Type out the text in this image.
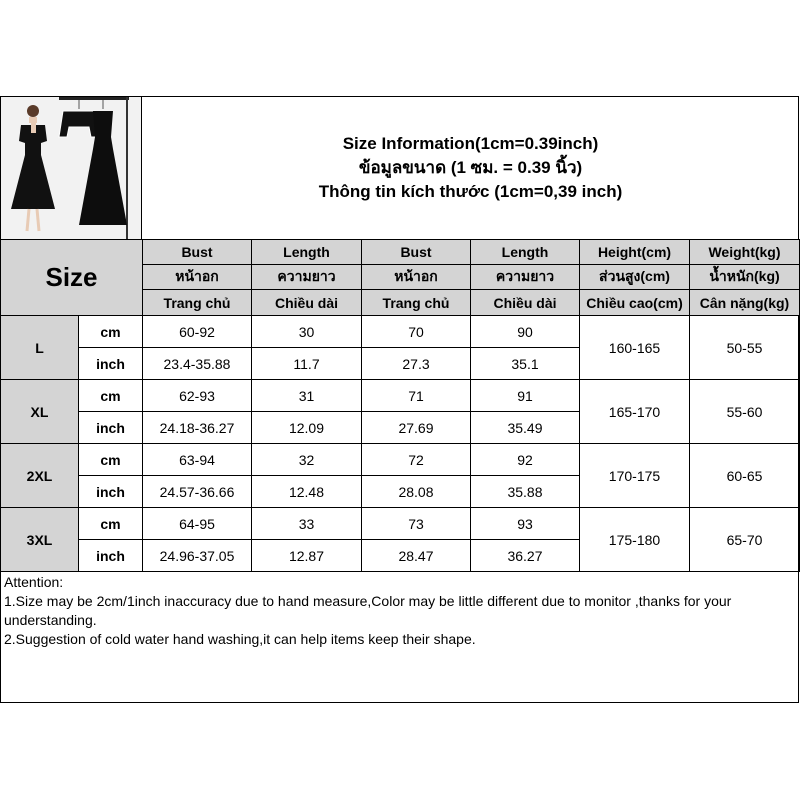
Size Information(1cm=0.39inch)
ข้อมูลขนาด (1 ซม. = 0.39 นิ้ว)
Thông tin kích thước (1cm=0,39 inch)
Size		Bust	Length	Bust	Length	Height(cm)	Weight(kg)
		หน้าอก	ความยาว	หน้าอก	ความยาว	ส่วนสูง(cm)	น้ำหนัก(kg)
		Trang chủ	Chiều dài	Trang chủ	Chiều dài	Chiều cao(cm)	Cân nặng(kg)
L	cm	60-92	30	70	90	160-165	50-55
	inch	23.4-35.88	11.7	27.3	35.1		
XL	cm	62-93	31	71	91	165-170	55-60
	inch	24.18-36.27	12.09	27.69	35.49		
2XL	cm	63-94	32	72	92	170-175	60-65
	inch	24.57-36.66	12.48	28.08	35.88		
3XL	cm	64-95	33	73	93	175-180	65-70
	inch	24.96-37.05	12.87	28.47	36.27		

Attention:

1.Size may be 2cm/1inch inaccuracy due to hand measure,Color may be little different due to monitor ,thanks for your understanding.

2.Suggestion of cold water hand washing,it can help items keep their shape.
